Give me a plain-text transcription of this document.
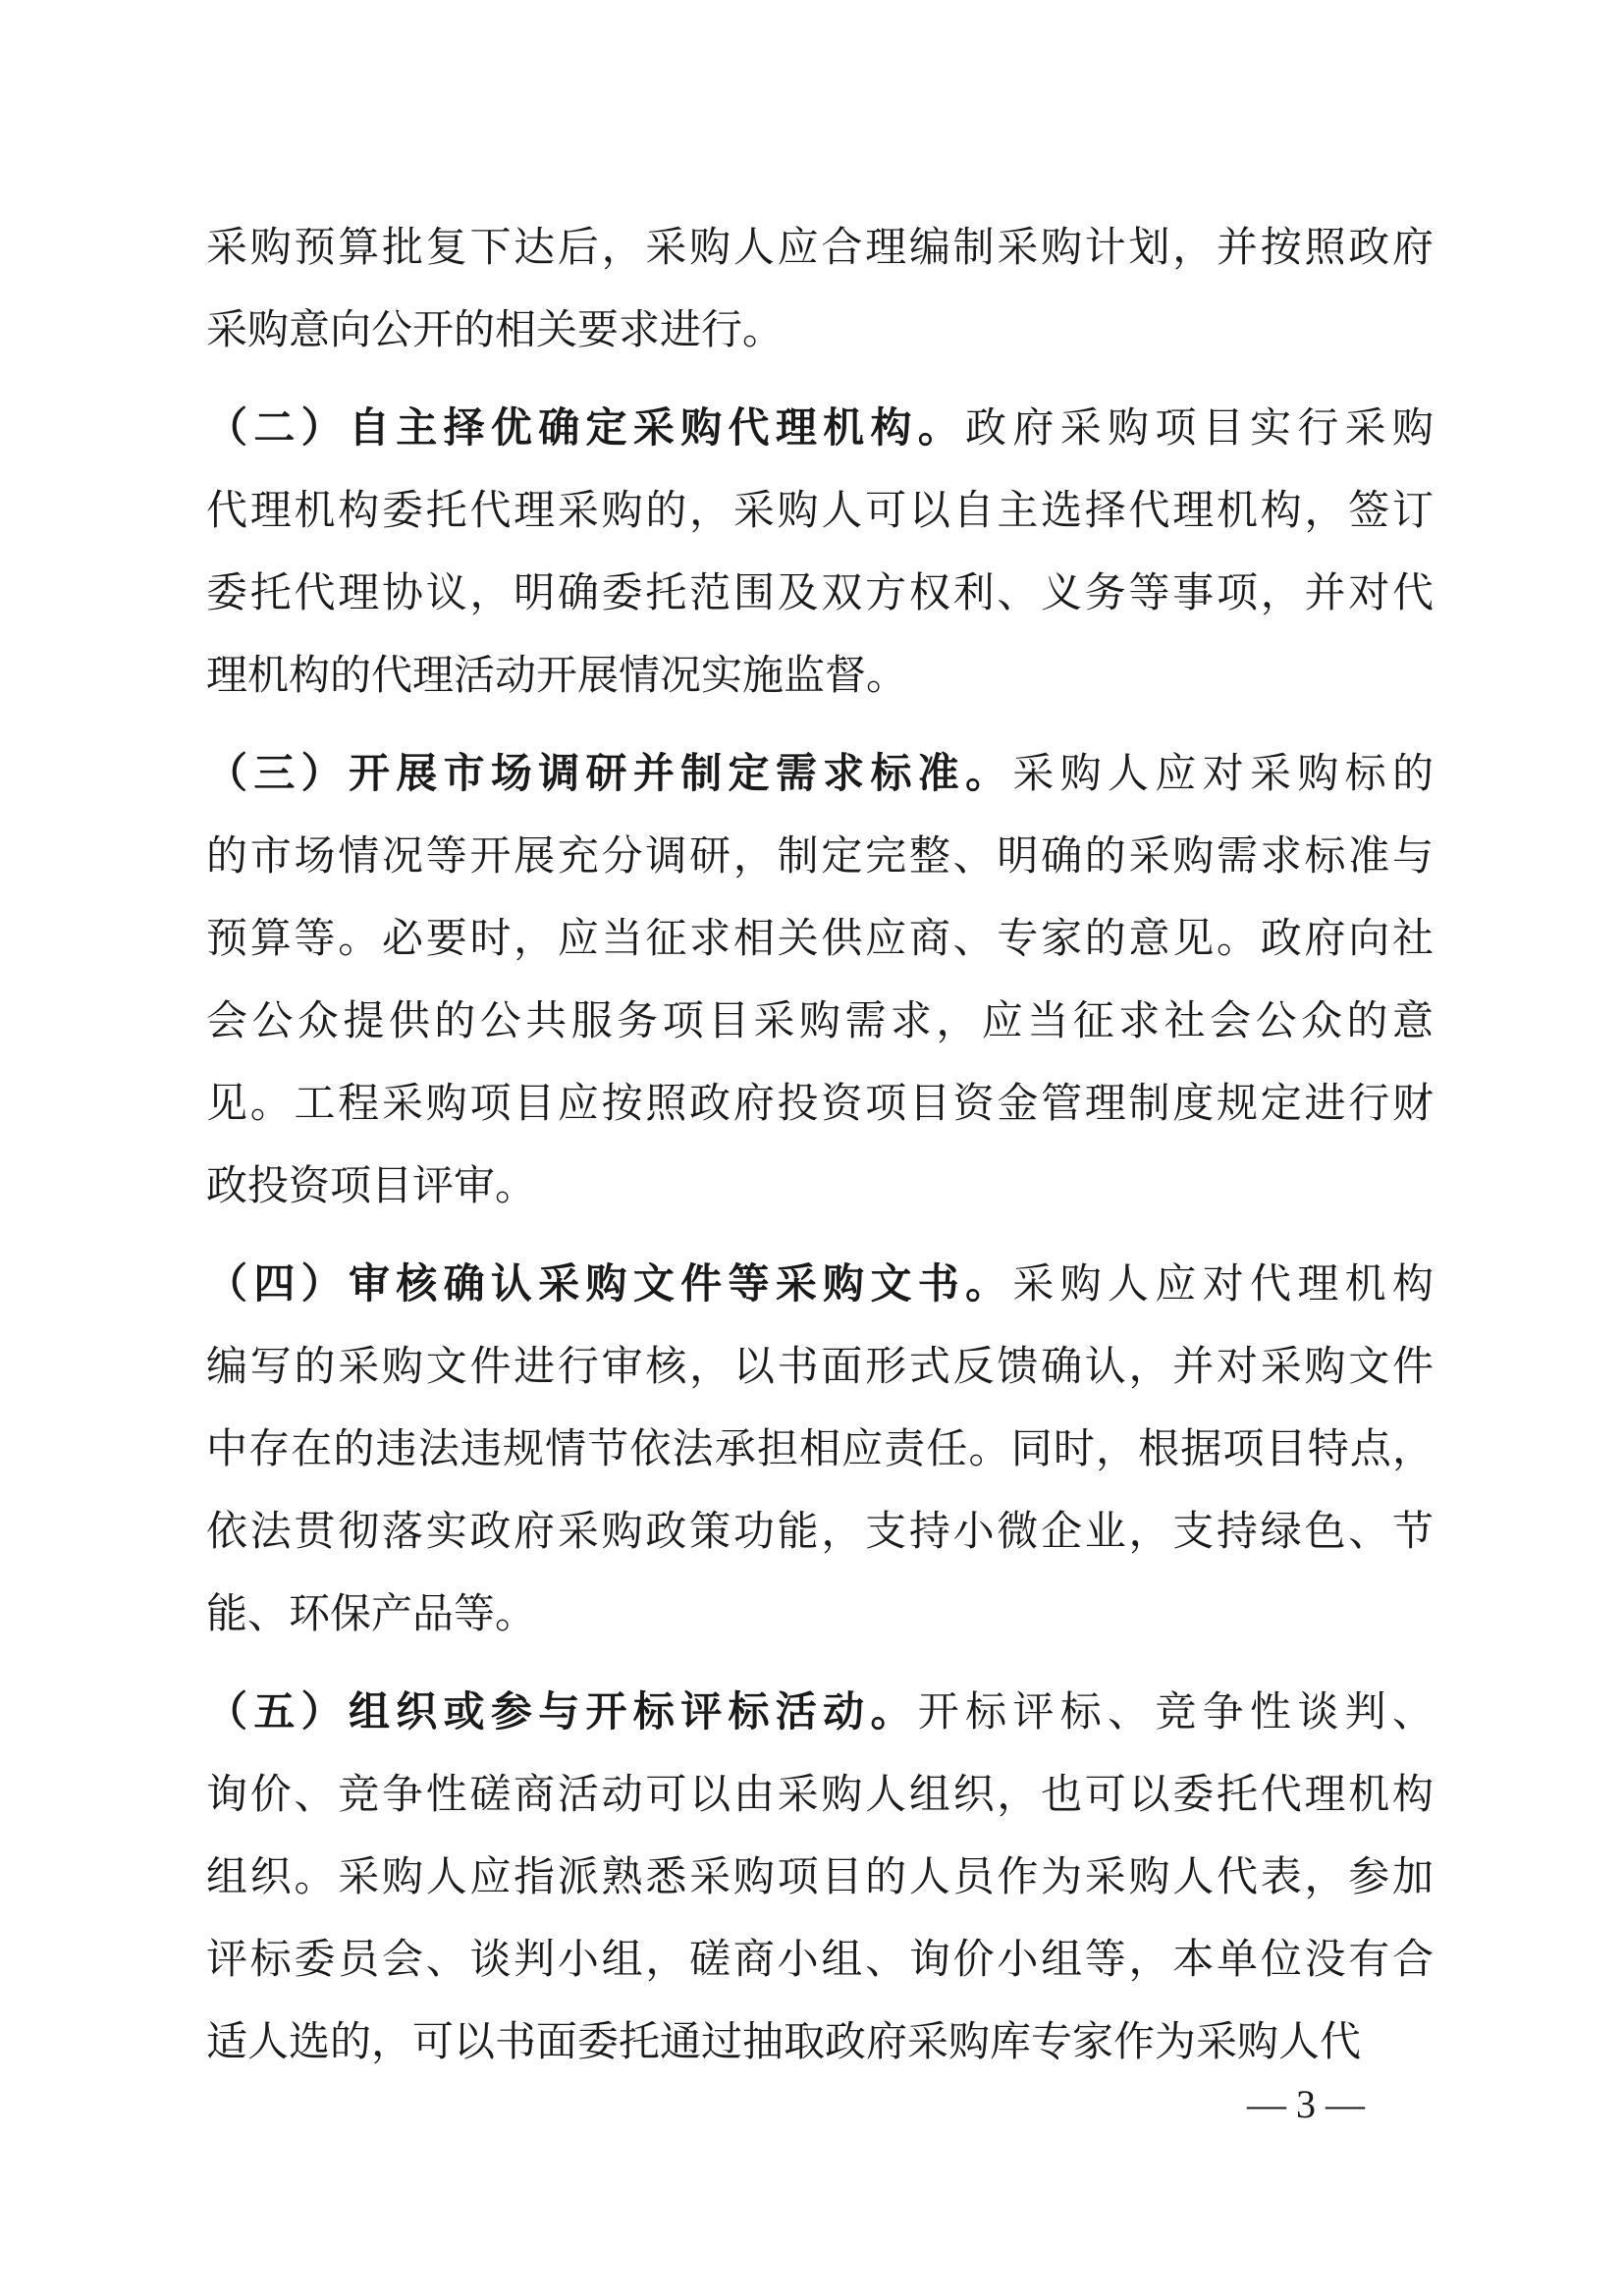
采购预算批复下达后，采购人应合理编制采购计划，并按照政府
采购意向公开的相关要求进行。
（二）自主择优确定采购代理机构。政府采购项目实行采购
代理机构委托代理采购的，采购人可以自主选择代理机构，签订
委托代理协议，明确委托范围及双方权利、义务等事项，并对代
理机构的代理活动开展情况实施监督。
（三）开展市场调研并制定需求标准。采购人应对采购标的
的市场情况等开展充分调研，制定完整、明确的采购需求标准与
预算等。必要时，应当征求相关供应商、专家的意见。政府向社
会公众提供的公共服务项目采购需求，应当征求社会公众的意
见。工程采购项目应按照政府投资项目资金管理制度规定进行财
政投资项目评审。
（四）审核确认采购文件等采购文书。采购人应对代理机构
编写的采购文件进行审核，以书面形式反馈确认，并对采购文件
中存在的违法违规情节依法承担相应责任。同时，根据项目特点，
依法贯彻落实政府采购政策功能，支持小微企业，支持绿色、节
能、环保产品等。
（五）组织或参与开标评标活动。开标评标、竞争性谈判、
询价、竞争性磋商活动可以由采购人组织，也可以委托代理机构
组织。采购人应指派熟悉采购项目的人员作为采购人代表，参加
评标委员会、谈判小组，磋商小组、询价小组等，本单位没有合
适人选的，可以书面委托通过抽取政府采购库专家作为采购人代
— 3 —
